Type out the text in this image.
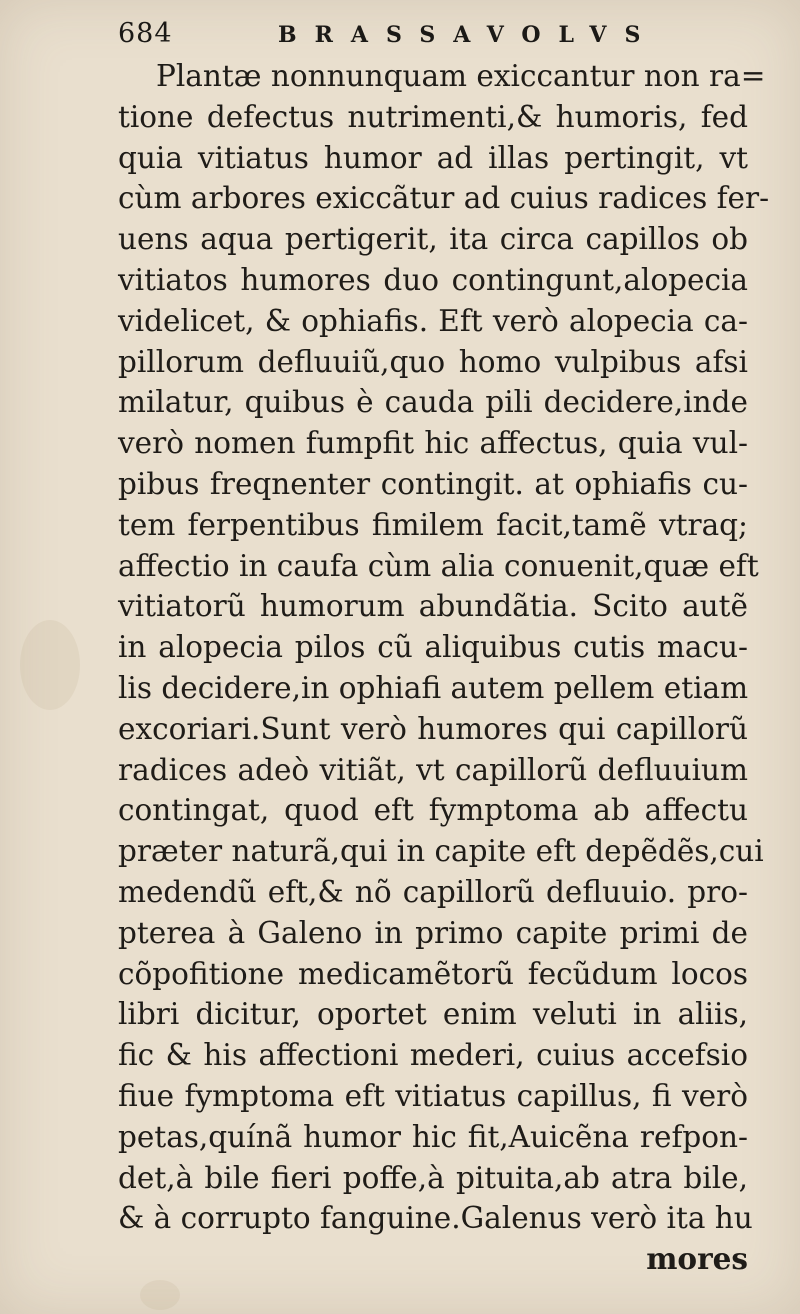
684	BRASSAVOLVS
Plantæ nonnunquam exiccantur non ra=
tione defectus nutrimenti,& humoris, fed
quia vitiatus humor ad illas pertingit, vt
cùm arbores exiccãtur ad cuius radices fer-
uens aqua pertigerit, ita circa capillos ob
vitiatos humores duo contingunt,alopecia
videlicet, & ophiafis. Eft verò alopecia ca-
pillorum defluuiũ,quo homo vulpibus afsi
milatur, quibus è cauda pili decidere,inde
verò nomen fumpfit hic affectus, quia vul-
pibus freqnenter contingit. at ophiafis cu-
tem ferpentibus fimilem facit,tamẽ vtraq;
affectio in caufa cùm alia conuenit,quæ eft
vitiatorũ humorum abundãtia. Scito autẽ
in alopecia pilos cũ aliquibus cutis macu-
lis decidere,in ophiafi autem pellem etiam
excoriari.Sunt verò humores qui capillorũ
radices adeò vitiãt, vt capillorũ defluuium
contingat, quod eft fymptoma ab affectu
præter naturã,qui in capite eft depẽdẽs,cui
medendũ eft,& nõ capillorũ defluuio. pro-
pterea à Galeno in primo capite primi de
cõpofitione medicamẽtorũ fecũdum locos
libri dicitur, oportet enim veluti in aliis,
fic & his affectioni mederi, cuius accefsio
fiue fymptoma eft vitiatus capillus, fi verò
petas,quínã humor hic fit,Auicẽna refpon-
det,à bile fieri poffe,à pituita,ab atra bile,
& à corrupto fanguine.Galenus verò ita hu
mores
